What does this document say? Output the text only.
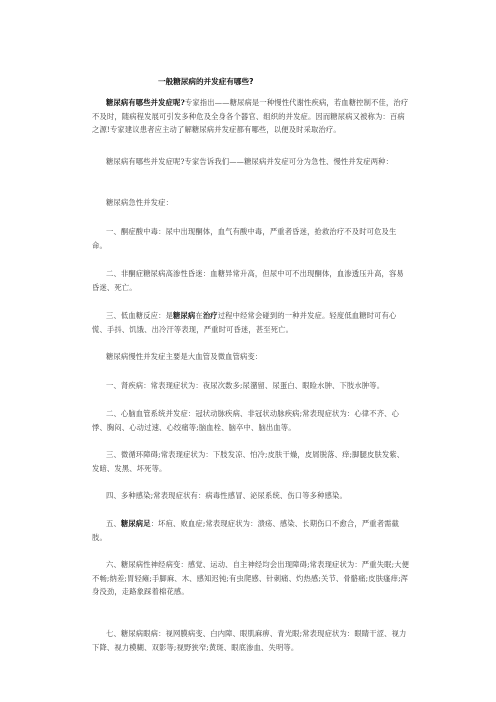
一般糖尿病的并发症有哪些?

糖尿病有哪些并发症呢?专家指出——糖尿病是一种慢性代谢性疾病，若血糖控制不佳，治疗不及时，随病程发展可引发多种危及全身各个器官、组织的并发症。因而糖尿病又被称为：百病之源!专家建议患者应主动了解糖尿病并发症都有哪些，以便及时采取治疗。

糖尿病有哪些并发症呢?专家告诉我们——糖尿病并发症可分为急性、慢性并发症两种：

糖尿病急性并发症：

一、酮症酸中毒：尿中出现酮体，血气有酸中毒，严重者昏迷，抢救治疗不及时可危及生命。

二、非酮症糖尿病高渗性昏迷：血糖异常升高，但尿中可不出现酮体，血渗透压升高，容易昏迷、死亡。

三、低血糖反应：是糖尿病在治疗过程中经常会碰到的一种并发症。轻度低血糖时可有心慌、手抖、饥饿、出冷汗等表现，严重时可昏迷，甚至死亡。

糖尿病慢性并发症主要是大血管及微血管病变：

一、肾疾病：常表现症状为：夜尿次数多;尿潴留、尿蛋白、眼睑水肿、下肢水肿等。

二、心脑血管系统并发症：冠状动脉疾病、非冠状动脉疾病;常表现症状为：心律不齐、心悸、胸闷、心动过速、心绞痛等;脑血栓、脑卒中、脑出血等。

三、微循环障碍;常表现症状为：下肢发凉、怕冷;皮肤干燥，皮屑脱落、痒;脚腿皮肤发紫、发暗、发黑、坏死等。

四、多种感染;常表现症状有：病毒性感冒、泌尿系统、伤口等多种感染。

五、糖尿病足：坏疽、败血症;常表现症状为：溃疡、感染、长期伤口不愈合，严重者需截肢。

六、糖尿病性神经病变：感觉、运动、自主神经均会出现障碍;常表现症状为：严重失眠;大便不畅;纳差;胃轻瘫;手脚麻、木、感知迟钝;有虫爬感、针刺痛、灼热感;关节、骨骼痛;皮肤瘙痒;浑身没劲，走路象踩着棉花感。

七、糖尿病眼病：视网膜病变、白内障、眼肌麻痹、青光眼;常表现症状为：眼睛干涩、视力下降、视力模糊、双影等;视野狭窄;黄斑、眼底渗血、失明等。
